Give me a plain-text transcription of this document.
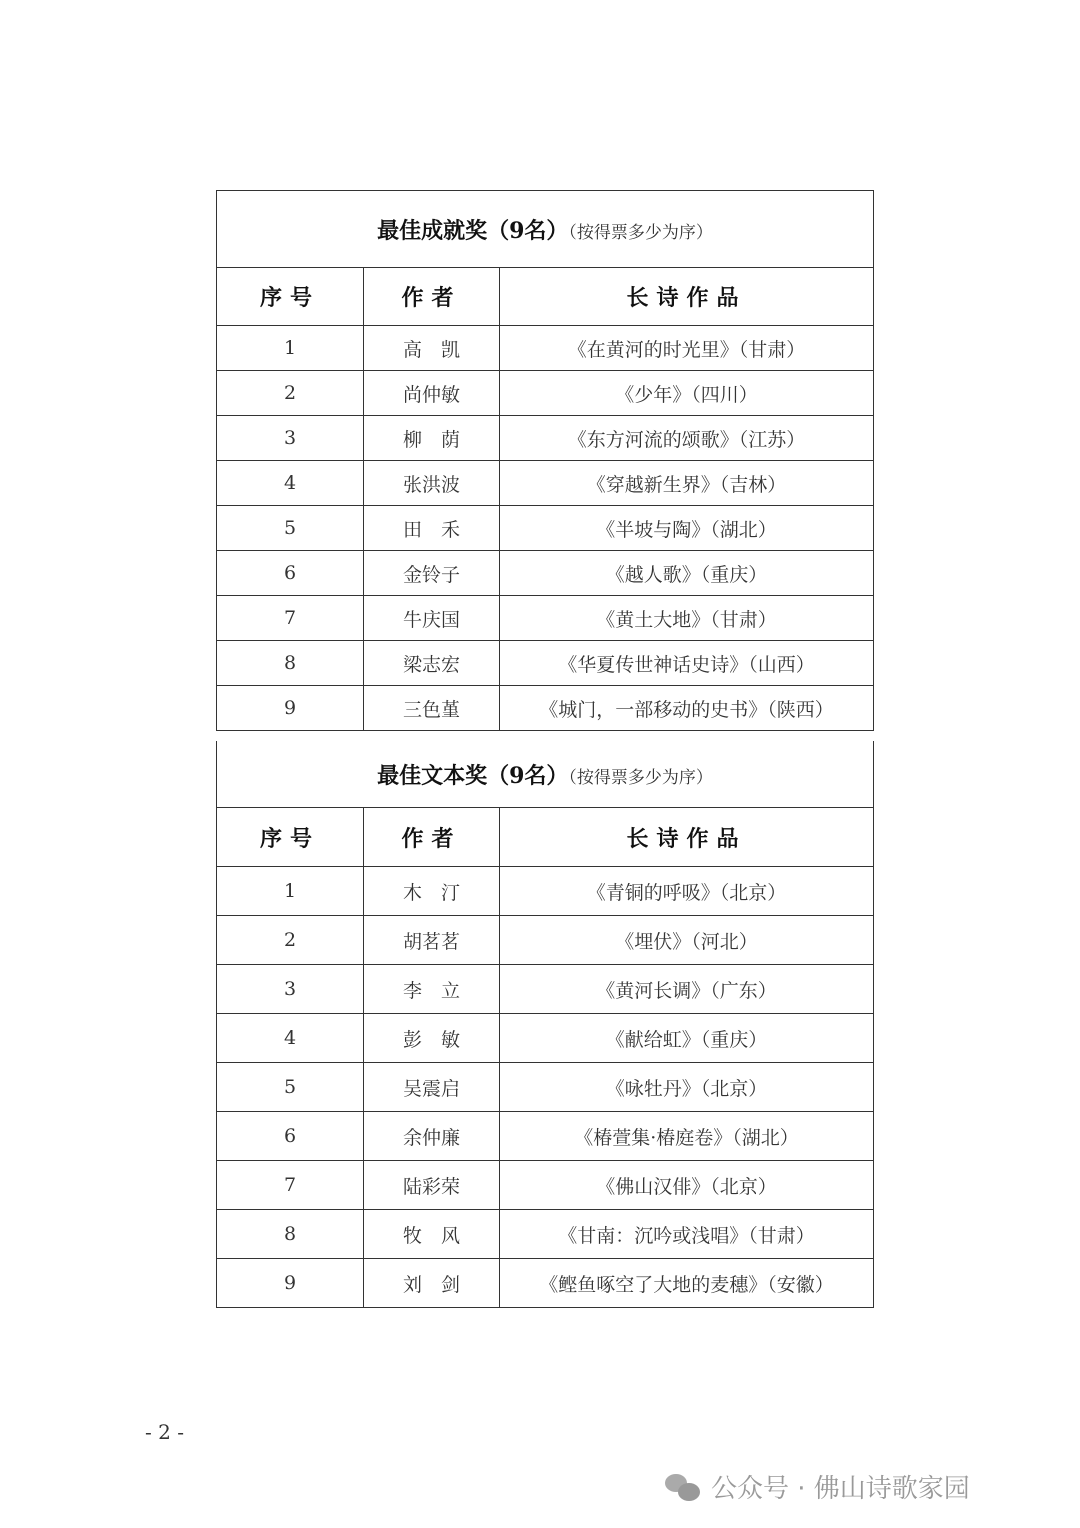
最佳成就奖（9名）（按得票多少为序）		
序号	作者	长诗作品
1	高　凯	《在黄河的时光里》（甘肃）
2	尚仲敏	《少年》（四川）
3	柳　荫	《东方河流的颂歌》（江苏）
4	张洪波	《穿越新生界》（吉林）
5	田　禾	《半坡与陶》（湖北）
6	金铃子	《越人歌》（重庆）
7	牛庆国	《黄土大地》（甘肃）
8	梁志宏	《华夏传世神话史诗》（山西）
9	三色堇	《城门，一部移动的史书》（陕西）
最佳文本奖（9名）（按得票多少为序）		
序号	作者	长诗作品
1	木　汀	《青铜的呼吸》（北京）
2	胡茗茗	《埋伏》（河北）
3	李　立	《黄河长调》（广东）
4	彭　敏	《献给虹》（重庆）
5	吴震启	《咏牡丹》（北京）
6	余仲廉	《椿萱集·椿庭卷》（湖北）
7	陆彩荣	《佛山汉俳》（北京）
8	牧　风	《甘南：沉吟或浅唱》（甘肃）
9	刘　剑	《鲣鱼啄空了大地的麦穗》（安徽）
- 2 -
公众号 · 佛山诗歌家园
